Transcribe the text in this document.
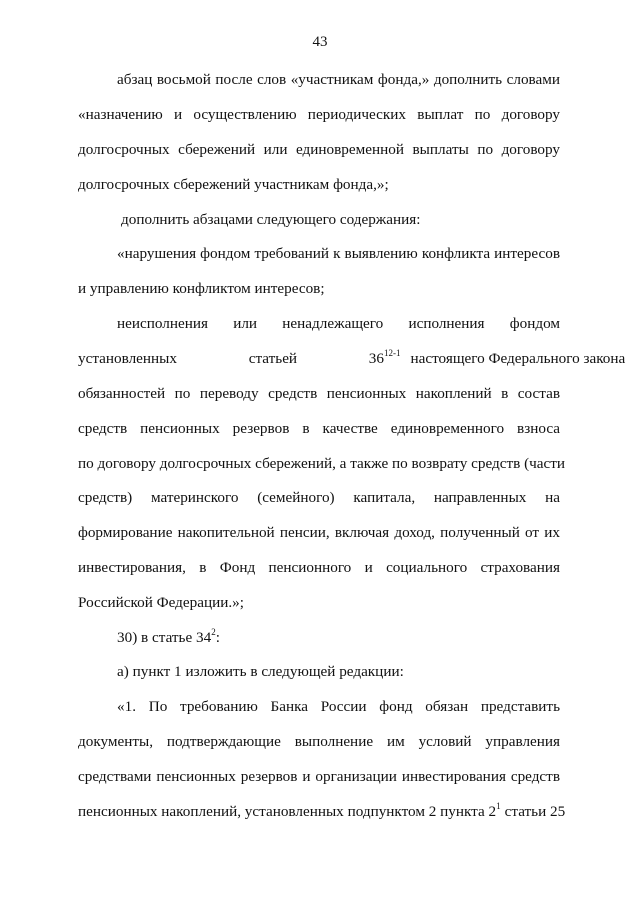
43
абзац восьмой после слов «участникам фонда,» дополнить словами
«назначению и осуществлению периодических выплат по договору
долгосрочных сбережений или единовременной выплаты по договору
долгосрочных сбережений участникам фонда,»;
дополнить абзацами следующего содержания:
«нарушения фондом требований к выявлению конфликта интересов
и управлению конфликтом интересов;
неисполнения или ненадлежащего исполнения фондом
установленных статьей 36$^{12-1}$ настоящего Федерального закона
обязанностей по переводу средств пенсионных накоплений в состав
средств пенсионных резервов в качестве единовременного взноса
по договору долгосрочных сбережений, а также по возврату средств (части
средств) материнского (семейного) капитала, направленных на
формирование накопительной пенсии, включая доход, полученный от их
инвестирования, в Фонд пенсионного и социального страхования
Российской Федерации.»;
30) в статье $34^2$:
а) пункт 1 изложить в следующей редакции:
«1. По требованию Банка России фонд обязан представить
документы, подтверждающие выполнение им условий управления
средствами пенсионных резервов и организации инвестирования средств
пенсионных накоплений, установленных подпунктом 2 пункта $2^1$ статьи 25
